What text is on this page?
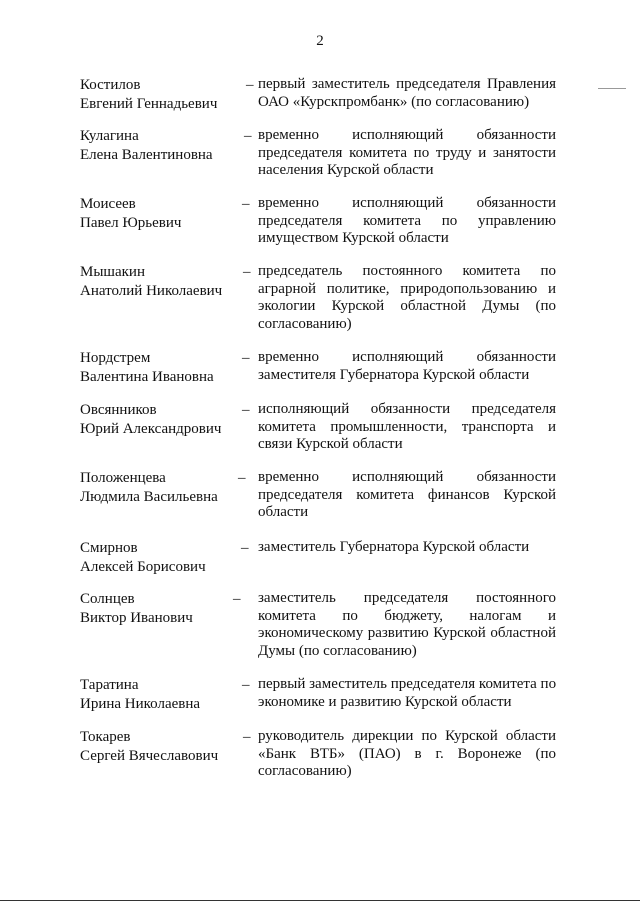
2
Костилов
Евгений Геннадьевич
– первый заместитель председателя Правления
ОАО «Курскпромбанк» (по согласованию)
Кулагина
Елена Валентиновна
– временно исполняющий обязанности
председателя комитета по труду и занятости
населения Курской области
Моисеев
Павел Юрьевич
– временно исполняющий обязанности
председателя комитета по управлению
имуществом Курской области
Мышакин
Анатолий Николаевич
– председатель постоянного комитета по
аграрной политике, природопользованию и
экологии Курской областной Думы (по
согласованию)
Нордстрем
Валентина Ивановна
– временно исполняющий обязанности
заместителя Губернатора Курской области
Овсянников
Юрий Александрович
– исполняющий обязанности председателя
комитета промышленности, транспорта и
связи Курской области
Положенцева
Людмила Васильевна
– временно исполняющий обязанности
председателя комитета финансов Курской
области
Смирнов
Алексей Борисович
– заместитель Губернатора Курской области
Солнцев
Виктор Иванович
– заместитель председателя постоянного
комитета по бюджету, налогам и
экономическому развитию Курской областной
Думы (по согласованию)
Таратина
Ирина Николаевна
– первый заместитель председателя комитета по
экономике и развитию Курской области
Токарев
Сергей Вячеславович
– руководитель дирекции по Курской области
«Банк ВТБ» (ПАО) в г. Воронеже (по
согласованию)
